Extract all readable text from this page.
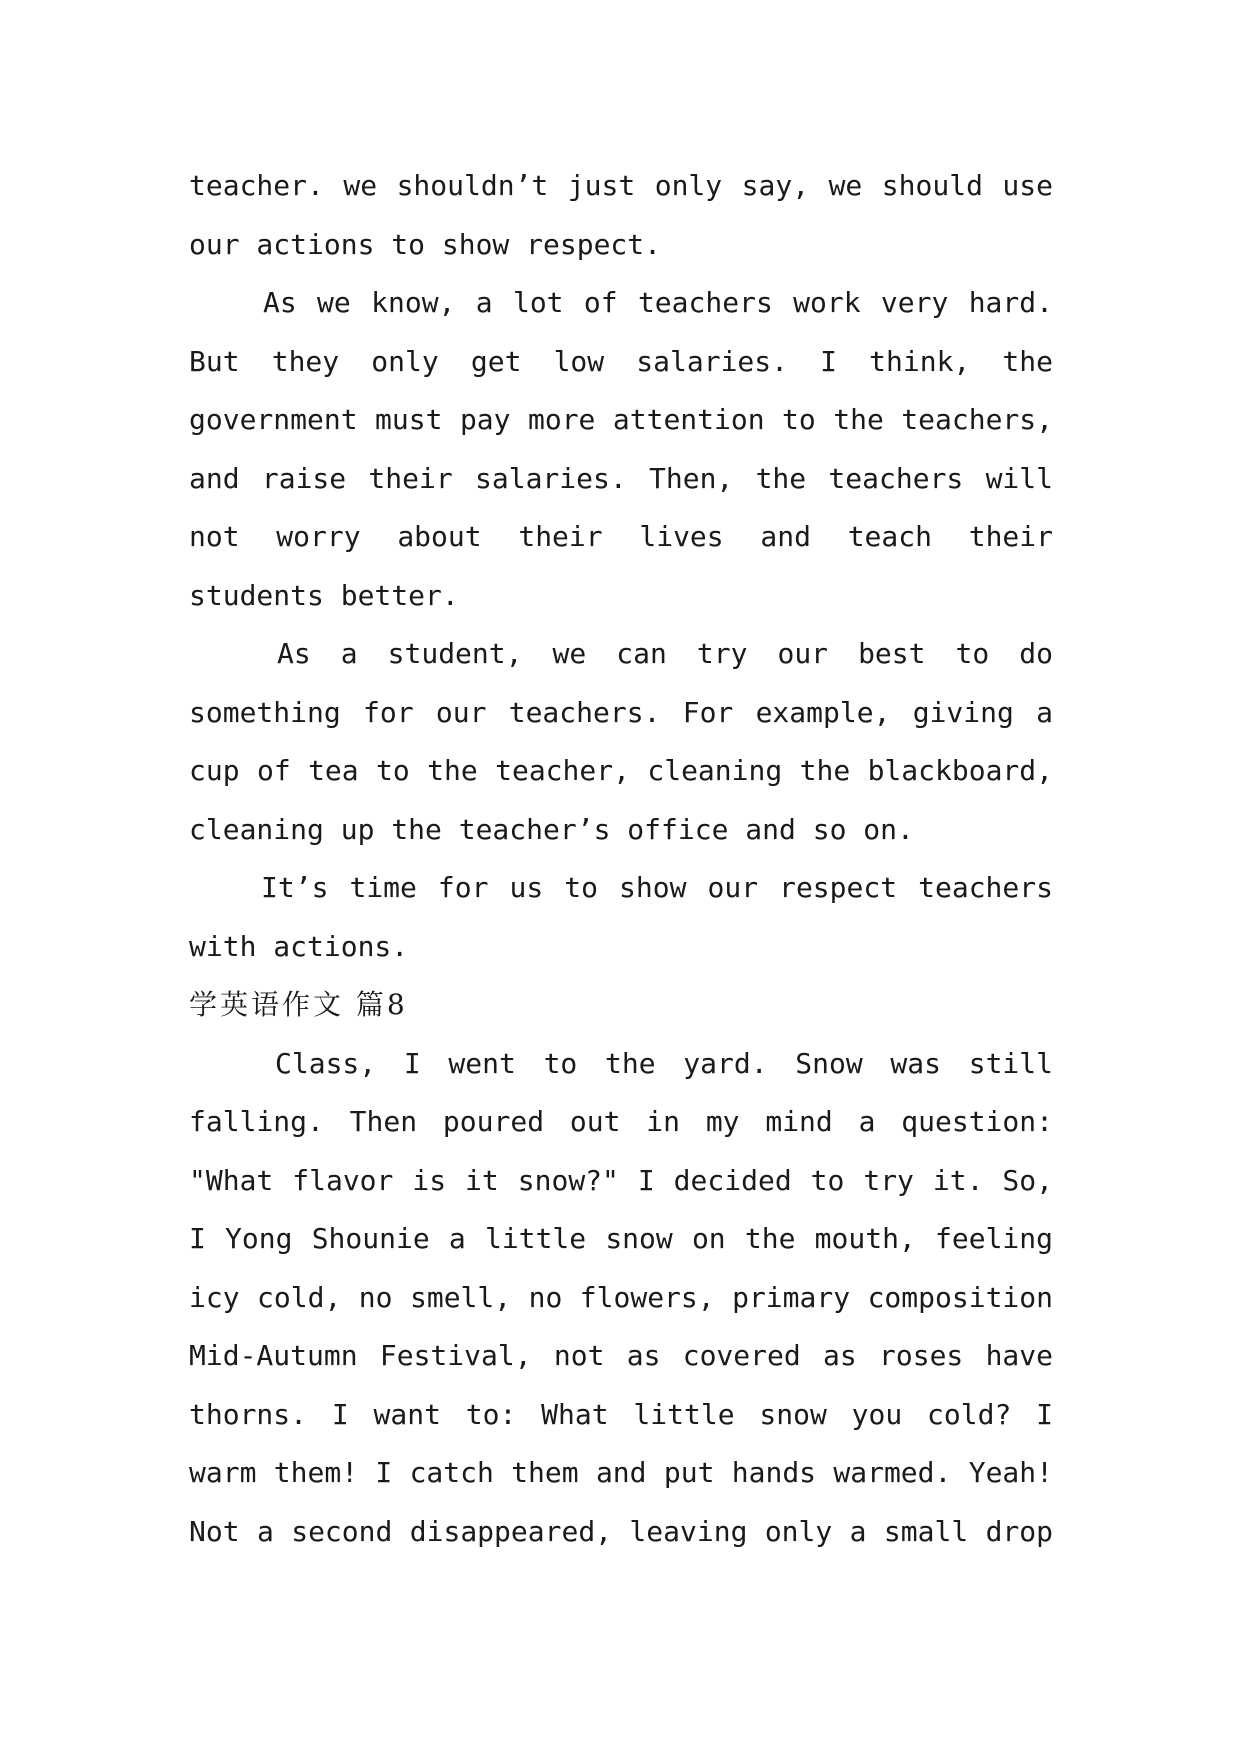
teacher. we shouldn’t just only say, we should use
our actions to show respect.
As we know, a lot of teachers work very hard.
But they only get low salaries. I think, the
government must pay more attention to the teachers,
and raise their salaries. Then, the teachers will
not worry about their lives and teach their
students better.
As a student, we can try our best to do
something for our teachers. For example, giving a
cup of tea to the teacher, cleaning the blackboard,
cleaning up the teacher’s office and so on.
It’s time for us to show our respect teachers
with actions.
学英语作文 篇8
Class, I went to the yard. Snow was still
falling. Then poured out in my mind a question:
"What flavor is it snow?" I decided to try it. So,
I Yong Shounie a little snow on the mouth, feeling
icy cold, no smell, no flowers, primary composition
Mid-Autumn Festival, not as covered as roses have
thorns. I want to: What little snow you cold? I
warm them! I catch them and put hands warmed. Yeah!
Not a second disappeared, leaving only a small drop
